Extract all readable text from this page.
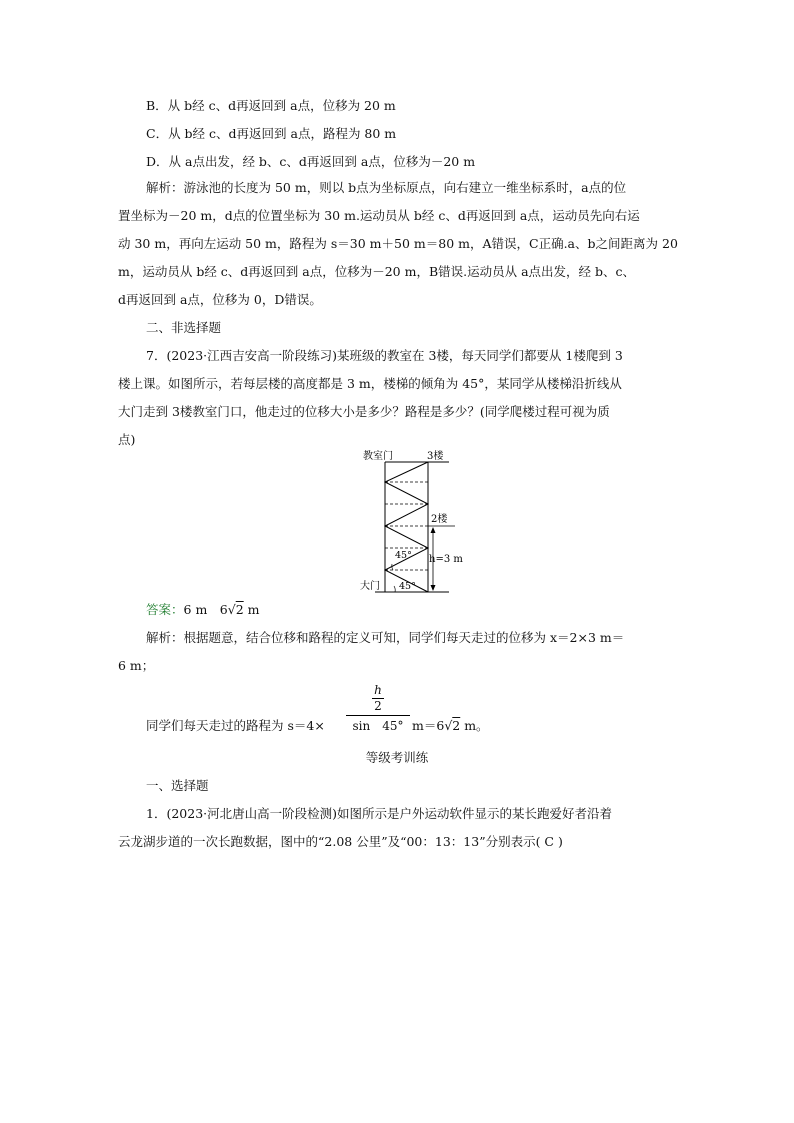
B．从 b经 c、d再返回到 a点，位移为 20 m
C．从 b经 c、d再返回到 a点，路程为 80 m
D．从 a点出发，经 b、c、d再返回到 a点，位移为－20 m
解析：游泳池的长度为 50 m，则以 b点为坐标原点，向右建立一维坐标系时，a点的位
置坐标为－20 m，d点的位置坐标为 30 m.运动员从 b经 c、d再返回到 a点，运动员先向右运
动 30 m，再向左运动 50 m，路程为 s＝30 m＋50 m＝80 m，A错误，C正确.a、b之间距离为 20
m，运动员从 b经 c、d再返回到 a点，位移为－20 m，B错误.运动员从 a点出发，经 b、c、
d再返回到 a点，位移为 0，D错误。
二、非选择题
7．(2023·江西吉安高一阶段练习)某班级的教室在 3楼，每天同学们都要从 1楼爬到 3
楼上课。如图所示，若每层楼的高度都是 3 m，楼梯的倾角为 45°，某同学从楼梯沿折线从
大门走到 3楼教室门口，他走过的位移大小是多少？路程是多少？(同学爬楼过程可视为质
点)
教室门	3楼
2楼
h=3 m
45°
45°
大门
答案：6 m　6√2 m
解析：根据题意，结合位移和路程的定义可知，同学们每天走过的位移为 x＝2×3 m＝
6 m；
同学们每天走过的路程为 s＝4×
h
2
sin　45° m＝6√2 m。
等级考训练
一、选择题
1．(2023·河北唐山高一阶段检测)如图所示是户外运动软件显示的某长跑爱好者沿着
云龙湖步道的一次长跑数据，图中的“2.08 公里”及“00：13：13”分别表示( C )
